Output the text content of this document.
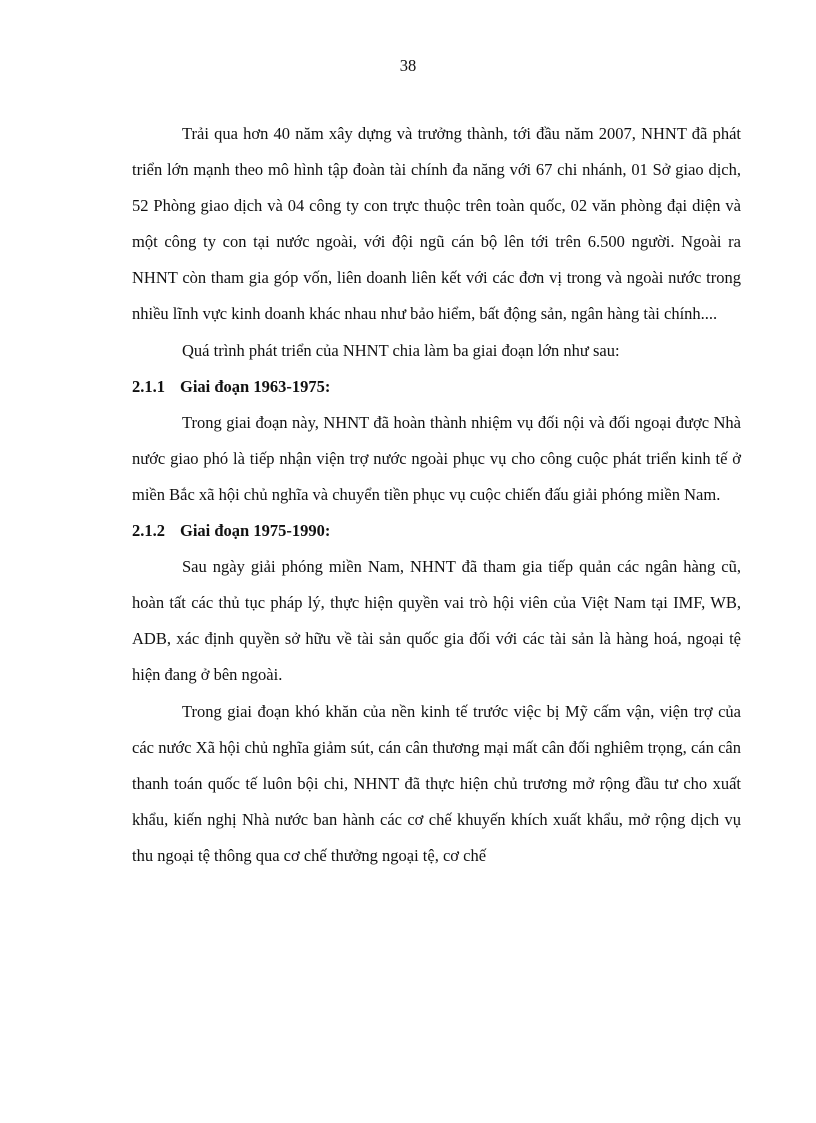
38

Trải qua hơn 40 năm xây dựng và trưởng thành, tới đầu năm 2007, NHNT đã phát triển lớn mạnh theo mô hình tập đoàn tài chính đa năng với 67 chi nhánh, 01 Sở giao dịch, 52 Phòng giao dịch và 04 công ty con trực thuộc trên toàn quốc, 02 văn phòng đại diện và một công ty con tại nước ngoài, với đội ngũ cán bộ lên tới trên 6.500 người. Ngoài ra NHNT còn tham gia góp vốn, liên doanh liên kết với các đơn vị trong và ngoài nước trong nhiều lĩnh vực kinh doanh khác nhau như bảo hiểm, bất động sản, ngân hàng tài chính....

Quá trình phát triển của NHNT chia làm ba giai đoạn lớn như sau:

2.1.1 Giai đoạn 1963-1975:

Trong giai đoạn này, NHNT đã hoàn thành nhiệm vụ đối nội và đối ngoại được Nhà nước giao phó là tiếp nhận viện trợ nước ngoài phục vụ cho công cuộc phát triển kinh tế ở miền Bắc xã hội chủ nghĩa và chuyển tiền phục vụ cuộc chiến đấu giải phóng miền Nam.

2.1.2 Giai đoạn 1975-1990:

Sau ngày giải phóng miền Nam, NHNT đã tham gia tiếp quản các ngân hàng cũ, hoàn tất các thủ tục pháp lý, thực hiện quyền vai trò hội viên của Việt Nam tại IMF, WB, ADB, xác định quyền sở hữu về tài sản quốc gia đối với các tài sản là hàng hoá, ngoại tệ hiện đang ở bên ngoài.

Trong giai đoạn khó khăn của nền kinh tế trước việc bị Mỹ cấm vận, viện trợ của các nước Xã hội chủ nghĩa giảm sút, cán cân thương mại mất cân đối nghiêm trọng, cán cân thanh toán quốc tế luôn bội chi, NHNT đã thực hiện chủ trương mở rộng đầu tư cho xuất khẩu, kiến nghị Nhà nước ban hành các cơ chế khuyến khích xuất khẩu, mở rộng dịch vụ thu ngoại tệ thông qua cơ chế thưởng ngoại tệ, cơ chế
